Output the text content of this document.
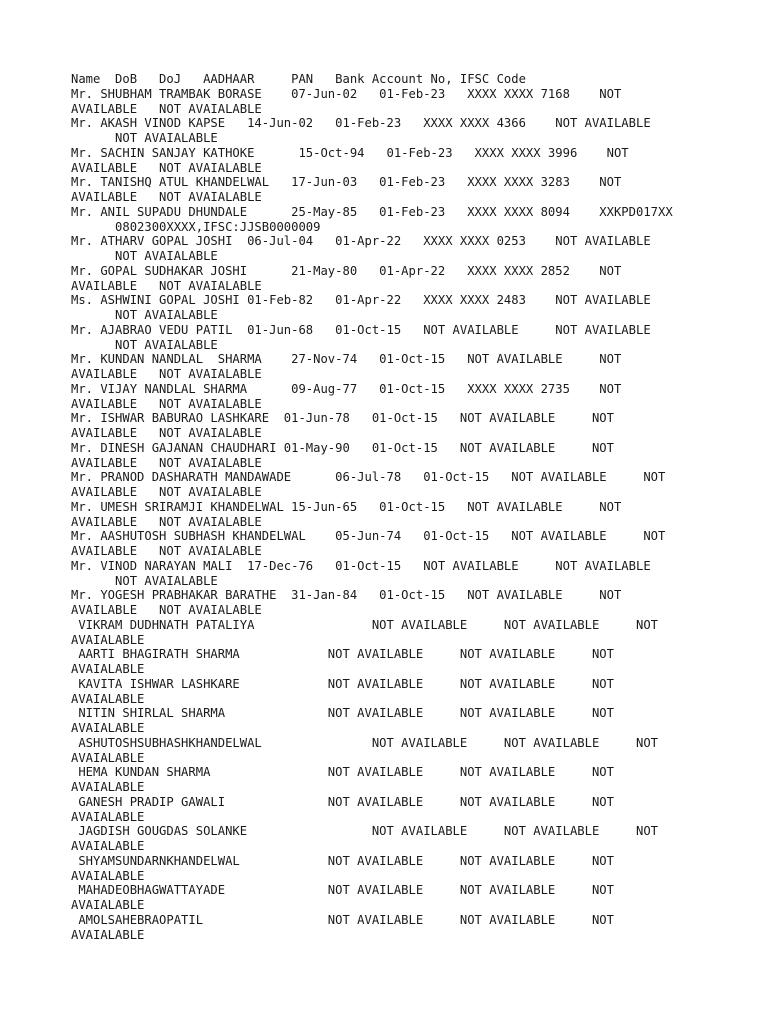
Name  DoB   DoJ   AADHAAR     PAN   Bank Account No, IFSC Code
Mr. SHUBHAM TRAMBAK BORASE    07-Jun-02   01-Feb-23   XXXX XXXX 7168    NOT
AVAILABLE   NOT AVAIALABLE
Mr. AKASH VINOD KAPSE   14-Jun-02   01-Feb-23   XXXX XXXX 4366    NOT AVAILABLE
NOT AVAIALABLE
Mr. SACHIN SANJAY KATHOKE      15-Oct-94   01-Feb-23   XXXX XXXX 3996    NOT
AVAILABLE   NOT AVAIALABLE
Mr. TANISHQ ATUL KHANDELWAL   17-Jun-03   01-Feb-23   XXXX XXXX 3283    NOT
AVAILABLE   NOT AVAIALABLE
Mr. ANIL SUPADU DHUNDALE      25-May-85   01-Feb-23   XXXX XXXX 8094    XXKPD017XX
0802300XXXX,IFSC:JJSB0000009
Mr. ATHARV GOPAL JOSHI  06-Jul-04   01-Apr-22   XXXX XXXX 0253    NOT AVAILABLE
NOT AVAIALABLE
Mr. GOPAL SUDHAKAR JOSHI      21-May-80   01-Apr-22   XXXX XXXX 2852    NOT
AVAILABLE   NOT AVAIALABLE
Ms. ASHWINI GOPAL JOSHI 01-Feb-82   01-Apr-22   XXXX XXXX 2483    NOT AVAILABLE
NOT AVAIALABLE
Mr. AJABRAO VEDU PATIL  01-Jun-68   01-Oct-15   NOT AVAILABLE     NOT AVAILABLE
NOT AVAIALABLE
Mr. KUNDAN NANDLAL  SHARMA    27-Nov-74   01-Oct-15   NOT AVAILABLE     NOT
AVAILABLE   NOT AVAIALABLE
Mr. VIJAY NANDLAL SHARMA      09-Aug-77   01-Oct-15   XXXX XXXX 2735    NOT
AVAILABLE   NOT AVAIALABLE
Mr. ISHWAR BABURAO LASHKARE  01-Jun-78   01-Oct-15   NOT AVAILABLE     NOT
AVAILABLE   NOT AVAIALABLE
Mr. DINESH GAJANAN CHAUDHARI 01-May-90   01-Oct-15   NOT AVAILABLE     NOT
AVAILABLE   NOT AVAIALABLE
Mr. PRANOD DASHARATH MANDAWADE      06-Jul-78   01-Oct-15   NOT AVAILABLE     NOT
AVAILABLE   NOT AVAIALABLE
Mr. UMESH SRIRAMJI KHANDELWAL 15-Jun-65   01-Oct-15   NOT AVAILABLE     NOT
AVAILABLE   NOT AVAIALABLE
Mr. AASHUTOSH SUBHASH KHANDELWAL    05-Jun-74   01-Oct-15   NOT AVAILABLE     NOT
AVAILABLE   NOT AVAIALABLE
Mr. VINOD NARAYAN MALI  17-Dec-76   01-Oct-15   NOT AVAILABLE     NOT AVAILABLE
NOT AVAIALABLE
Mr. YOGESH PRABHAKAR BARATHE  31-Jan-84   01-Oct-15   NOT AVAILABLE     NOT
AVAILABLE   NOT AVAIALABLE
VIKRAM DUDHNATH PATALIYA                NOT AVAILABLE     NOT AVAILABLE     NOT
AVAIALABLE
AARTI BHAGIRATH SHARMA            NOT AVAILABLE     NOT AVAILABLE     NOT
AVAIALABLE
KAVITA ISHWAR LASHKARE            NOT AVAILABLE     NOT AVAILABLE     NOT
AVAIALABLE
NITIN SHIRLAL SHARMA              NOT AVAILABLE     NOT AVAILABLE     NOT
AVAIALABLE
ASHUTOSHSUBHASHKHANDELWAL               NOT AVAILABLE     NOT AVAILABLE     NOT
AVAIALABLE
HEMA KUNDAN SHARMA                NOT AVAILABLE     NOT AVAILABLE     NOT
AVAIALABLE
GANESH PRADIP GAWALI              NOT AVAILABLE     NOT AVAILABLE     NOT
AVAIALABLE
JAGDISH GOUGDAS SOLANKE                 NOT AVAILABLE     NOT AVAILABLE     NOT
AVAIALABLE
SHYAMSUNDARNKHANDELWAL            NOT AVAILABLE     NOT AVAILABLE     NOT
AVAIALABLE
MAHADEOBHAGWATTAYADE              NOT AVAILABLE     NOT AVAILABLE     NOT
AVAIALABLE
AMOLSAHEBRAOPATIL                 NOT AVAILABLE     NOT AVAILABLE     NOT
AVAIALABLE
